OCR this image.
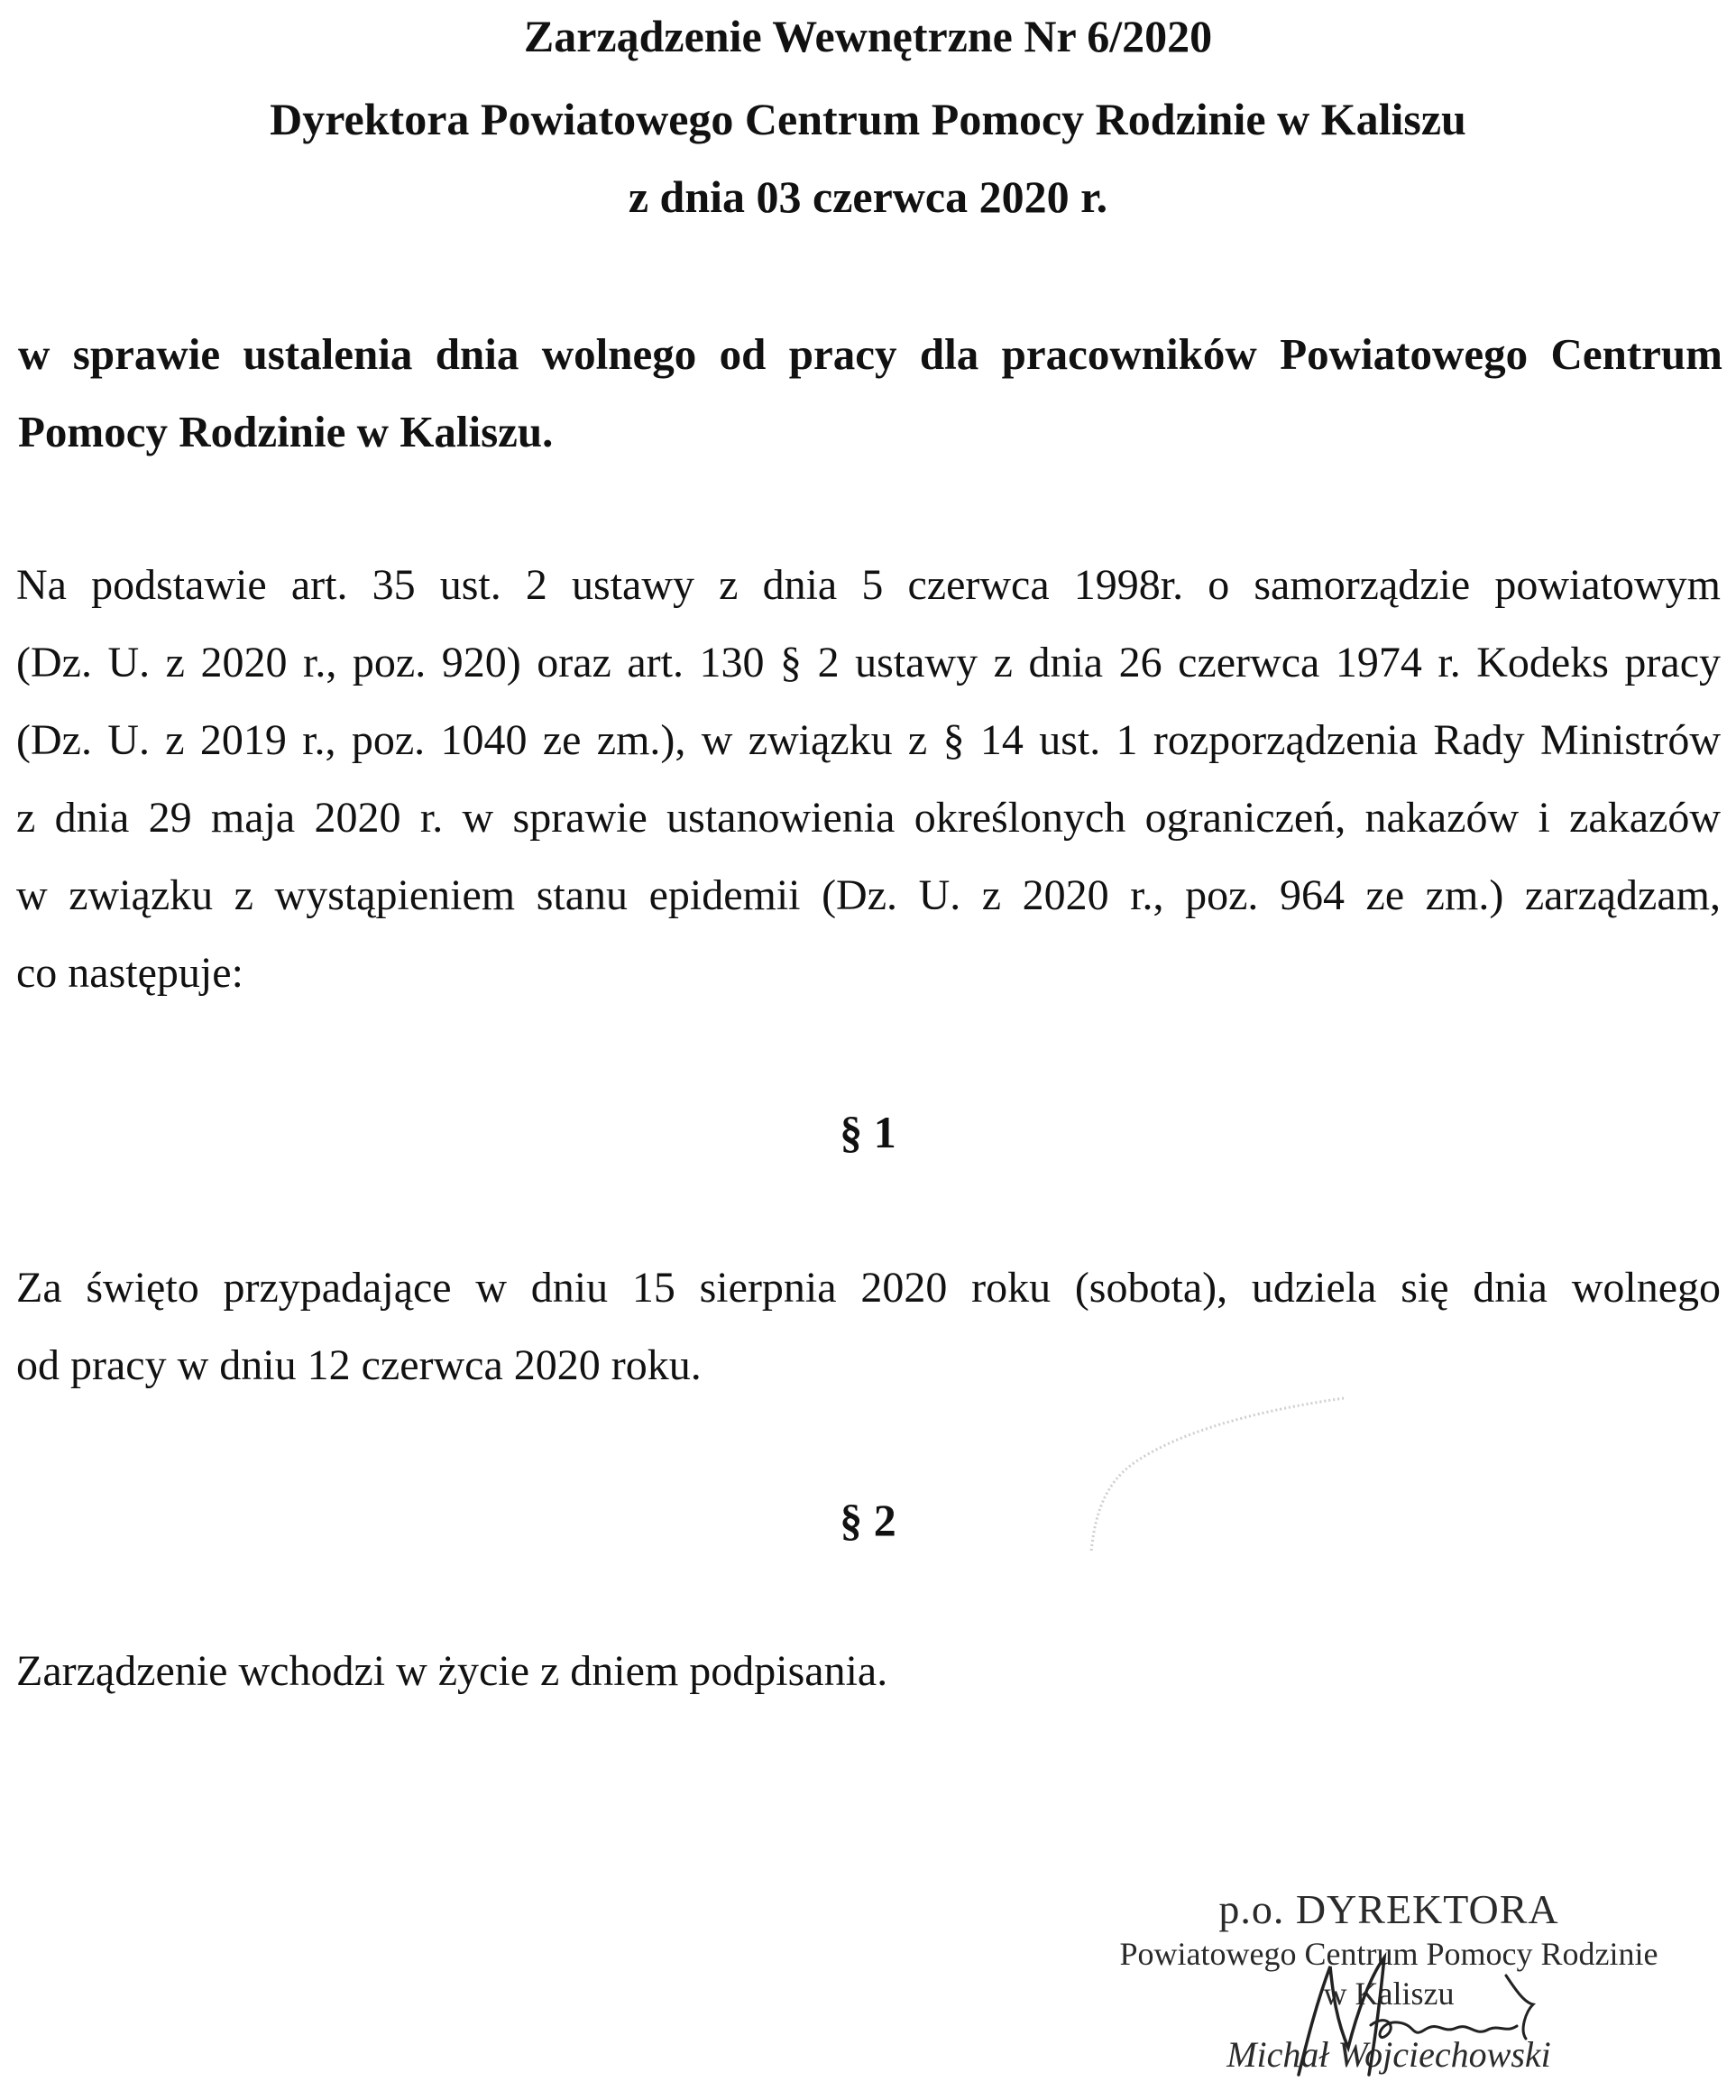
Zarządzenie Wewnętrzne Nr 6/2020
Dyrektora Powiatowego Centrum Pomocy Rodzinie w Kaliszu
z dnia 03 czerwca 2020 r.
w sprawie ustalenia dnia wolnego od pracy dla pracowników Powiatowego Centrum
Pomocy Rodzinie w Kaliszu.
Na podstawie art. 35 ust. 2 ustawy z dnia 5 czerwca 1998r. o samorządzie powiatowym
(Dz. U. z 2020 r., poz. 920) oraz art. 130 § 2 ustawy z dnia 26 czerwca 1974 r. Kodeks pracy
(Dz. U. z 2019 r., poz. 1040 ze zm.), w związku z § 14 ust. 1 rozporządzenia Rady Ministrów
z dnia 29 maja 2020 r. w sprawie ustanowienia określonych ograniczeń, nakazów i zakazów
w związku z wystąpieniem stanu epidemii (Dz. U. z 2020 r., poz. 964 ze zm.) zarządzam,
co następuje:
§ 1
Za święto przypadające w dniu 15 sierpnia 2020 roku (sobota), udziela się dnia wolnego
od pracy w dniu 12 czerwca 2020 roku.
§ 2
Zarządzenie wchodzi w życie z dniem podpisania.
p.o. DYREKTORA
Powiatowego Centrum Pomocy Rodzinie
w Kaliszu
Michał Wojciechowski
